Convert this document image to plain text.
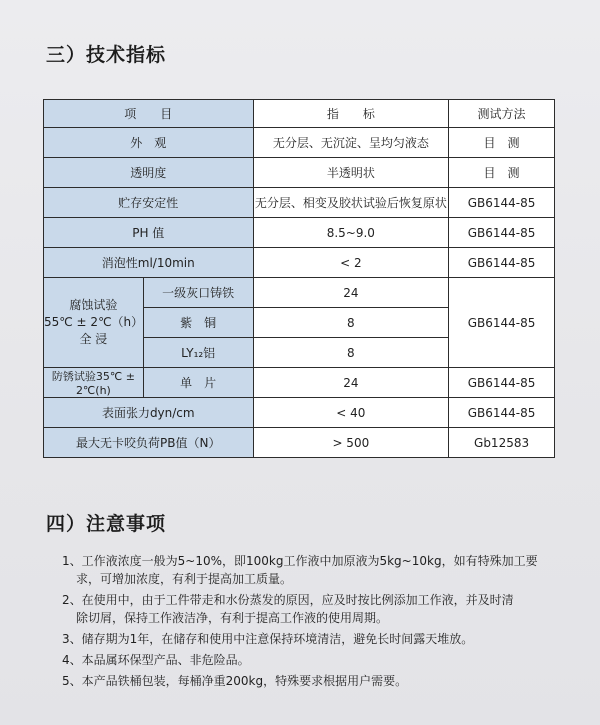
三）技术指标
项　　目		指　　标	测试方法
外　观		无分层、无沉淀、呈均匀液态	目　测
透明度		半透明状	目　测
贮存安定性		无分层、相变及胶状试验后恢复原状	GB6144-85
PH 值		8.5~9.0	GB6144-85
消泡性ml/10min		< 2	GB6144-85

腐蚀试验
55℃ ± 2℃（h）
全 浸	一级灰口铸铁	24	GB6144-85
	紫　铜	8	
	LY₁₂铝	8	
防锈试验35℃ ± 2℃(h)	单　片	24	GB6144-85
表面张力dyn/cm		< 40	GB6144-85
最大无卡咬负荷PB值（N）		> 500	Gb12583
四）注意事项
1、工作液浓度一般为5~10%，即100kg工作液中加原液为5kg~10kg，如有特殊加工要
求，可增加浓度，有利于提高加工质量。
2、在使用中，由于工件带走和水份蒸发的原因，应及时按比例添加工作液，并及时清
除切屑，保持工作液洁净，有利于提高工作液的使用周期。
3、储存期为1年，在储存和使用中注意保持环境清洁，避免长时间露天堆放。
4、本品属环保型产品、非危险品。
5、本产品铁桶包装，每桶净重200kg，特殊要求根据用户需要。
